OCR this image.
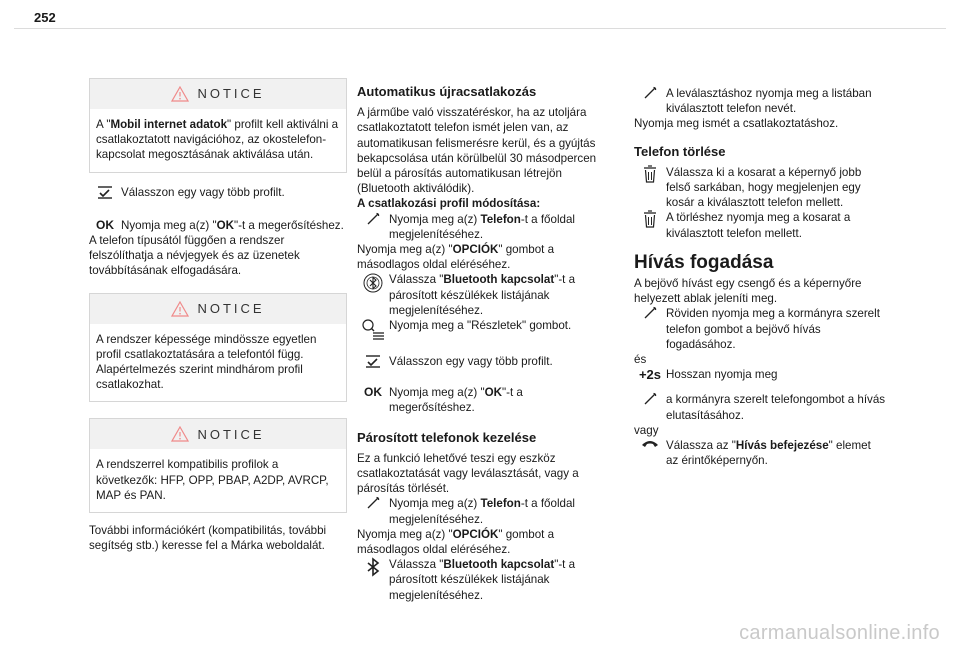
252
NOTICE
A "Mobil internet adatok" profilt kell aktiválni a csatlakoztatott navigációhoz, az okostelefon-kapcsolat megosztásának aktiválása után.

Válasszon egy vagy több profilt.

OK Nyomja meg a(z) "OK"-t a megerősítéshez.

A telefon típusától függően a rendszer felszólíthatja a névjegyek és az üzenetek továbbításának elfogadására.

NOTICE
A rendszer képessége mindössze egyetlen profil csatlakoztatására a telefontól függ. Alapértelmezés szerint mindhárom profil csatlakozhat.
NOTICE
A rendszerrel kompatibilis profilok a következők: HFP, OPP, PBAP, A2DP, AVRCP, MAP és PAN.

További információkért (kompatibilitás, további segítség stb.) keresse fel a Márka weboldalát.

Automatikus újracsatlakozás

A járműbe való visszatéréskor, ha az utoljára csatlakoztatott telefon ismét jelen van, az automatikusan felismerésre kerül, és a gyújtás bekapcsolása után körülbelül 30 másodpercen belül a párosítás automatikusan létrejön (Bluetooth aktiválódik).

A csatlakozási profil módosítása:

Nyomja meg a(z) Telefon-t a főoldal megjelenítéséhez.

Nyomja meg a(z) "OPCIÓK" gombot a másodlagos oldal eléréséhez.

Válassza "Bluetooth kapcsolat"-t a párosított készülékek listájának megjelenítéséhez.

Nyomja meg a "Részletek" gombot.

Válasszon egy vagy több profilt.

OK Nyomja meg a(z) "OK"-t a megerősítéshez.

Párosított telefonok kezelése

Ez a funkció lehetővé teszi egy eszköz csatlakoztatását vagy leválasztását, vagy a párosítás törlését.

Nyomja meg a(z) Telefon-t a főoldal megjelenítéséhez.

Nyomja meg a(z) "OPCIÓK" gombot a másodlagos oldal eléréséhez.

Válassza "Bluetooth kapcsolat"-t a párosított készülékek listájának megjelenítéséhez.

A leválasztáshoz nyomja meg a listában kiválasztott telefon nevét.

Nyomja meg ismét a csatlakoztatáshoz.

Telefon törlése

Válassza ki a kosarat a képernyő jobb felső sarkában, hogy megjelenjen egy kosár a kiválasztott telefon mellett.

A törléshez nyomja meg a kosarat a kiválasztott telefon mellett.

Hívás fogadása

A bejövő hívást egy csengő és a képernyőre helyezett ablak jeleníti meg.

Röviden nyomja meg a kormányra szerelt telefon gombot a bejövő hívás fogadásához.

és

+2s Hosszan nyomja meg

a kormányra szerelt telefongombot a hívás elutasításához.

vagy

Válassza az "Hívás befejezése" elemet az érintőképernyőn.

carmanualsonline.info
